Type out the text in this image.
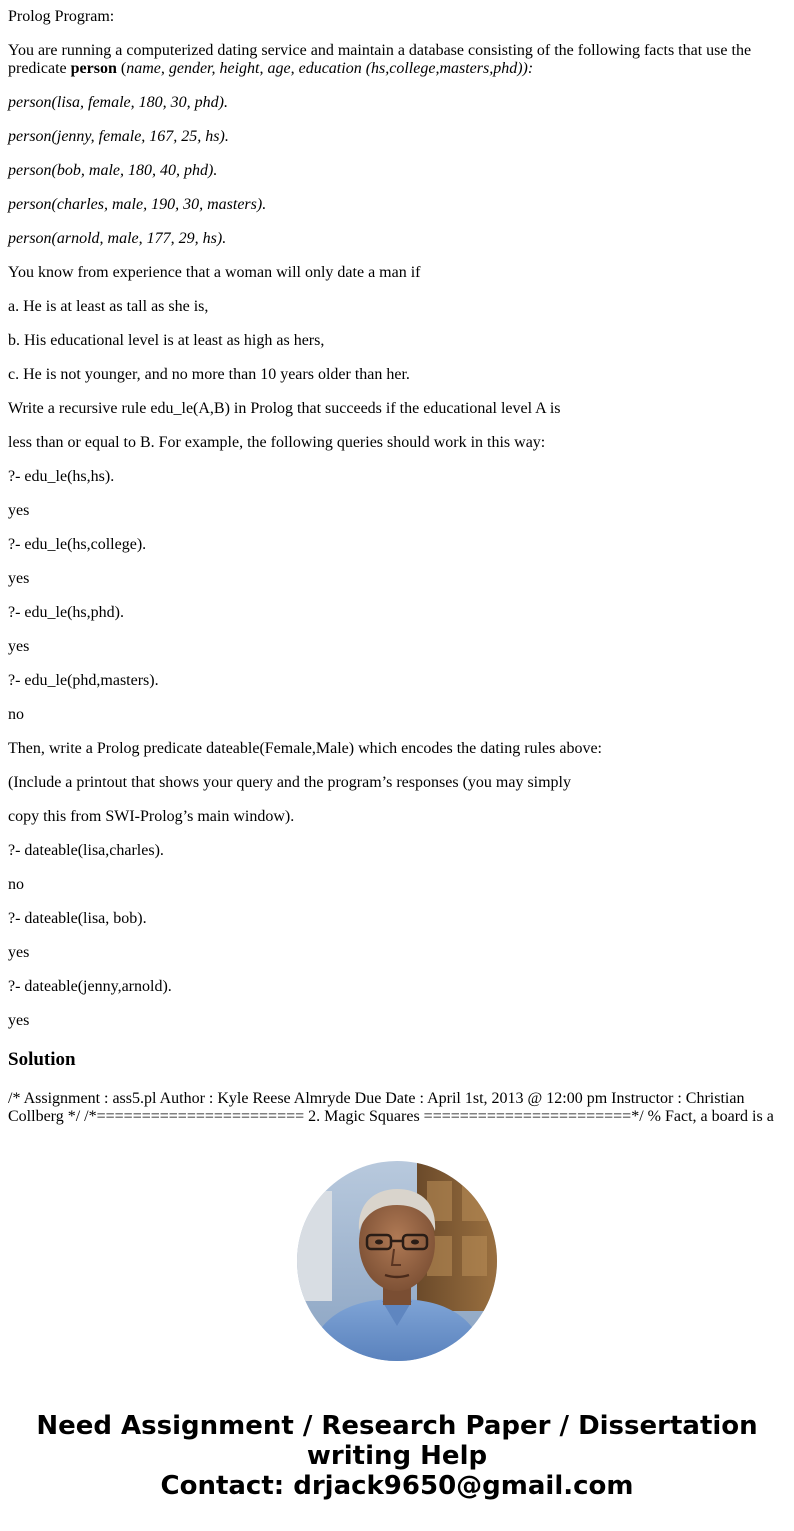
Prolog Program:

You are running a computerized dating service and maintain a database consisting of the following facts that use the predicate person (name, gender, height, age, education (hs,college,masters,phd)):

person(lisa, female, 180, 30, phd).

person(jenny, female, 167, 25, hs).

person(bob, male, 180, 40, phd).

person(charles, male, 190, 30, masters).

person(arnold, male, 177, 29, hs).

You know from experience that a woman will only date a man if

a. He is at least as tall as she is,

b. His educational level is at least as high as hers,

c. He is not younger, and no more than 10 years older than her.

Write a recursive rule edu_le(A,B) in Prolog that succeeds if the educational level A is

less than or equal to B. For example, the following queries should work in this way:

?- edu_le(hs,hs).

yes

?- edu_le(hs,college).

yes

?- edu_le(hs,phd).

yes

?- edu_le(phd,masters).

no

Then, write a Prolog predicate dateable(Female,Male) which encodes the dating rules above:

(Include a printout that shows your query and the program’s responses (you may simply

copy this from SWI-Prolog’s main window).

?- dateable(lisa,charles).

no

?- dateable(lisa, bob).

yes

?- dateable(jenny,arnold).

yes

Solution
/* Assignment : ass5.pl Author : Kyle Reese Almryde Due Date : April 1st, 2013 @ 12:00 pm Instructor : Christian Collberg */ /*======================= 2. Magic Squares =======================*/ % Fact, a board is a
Need Assignment / Research Paper / Dissertation
writing Help
Contact: drjack9650@gmail.com
